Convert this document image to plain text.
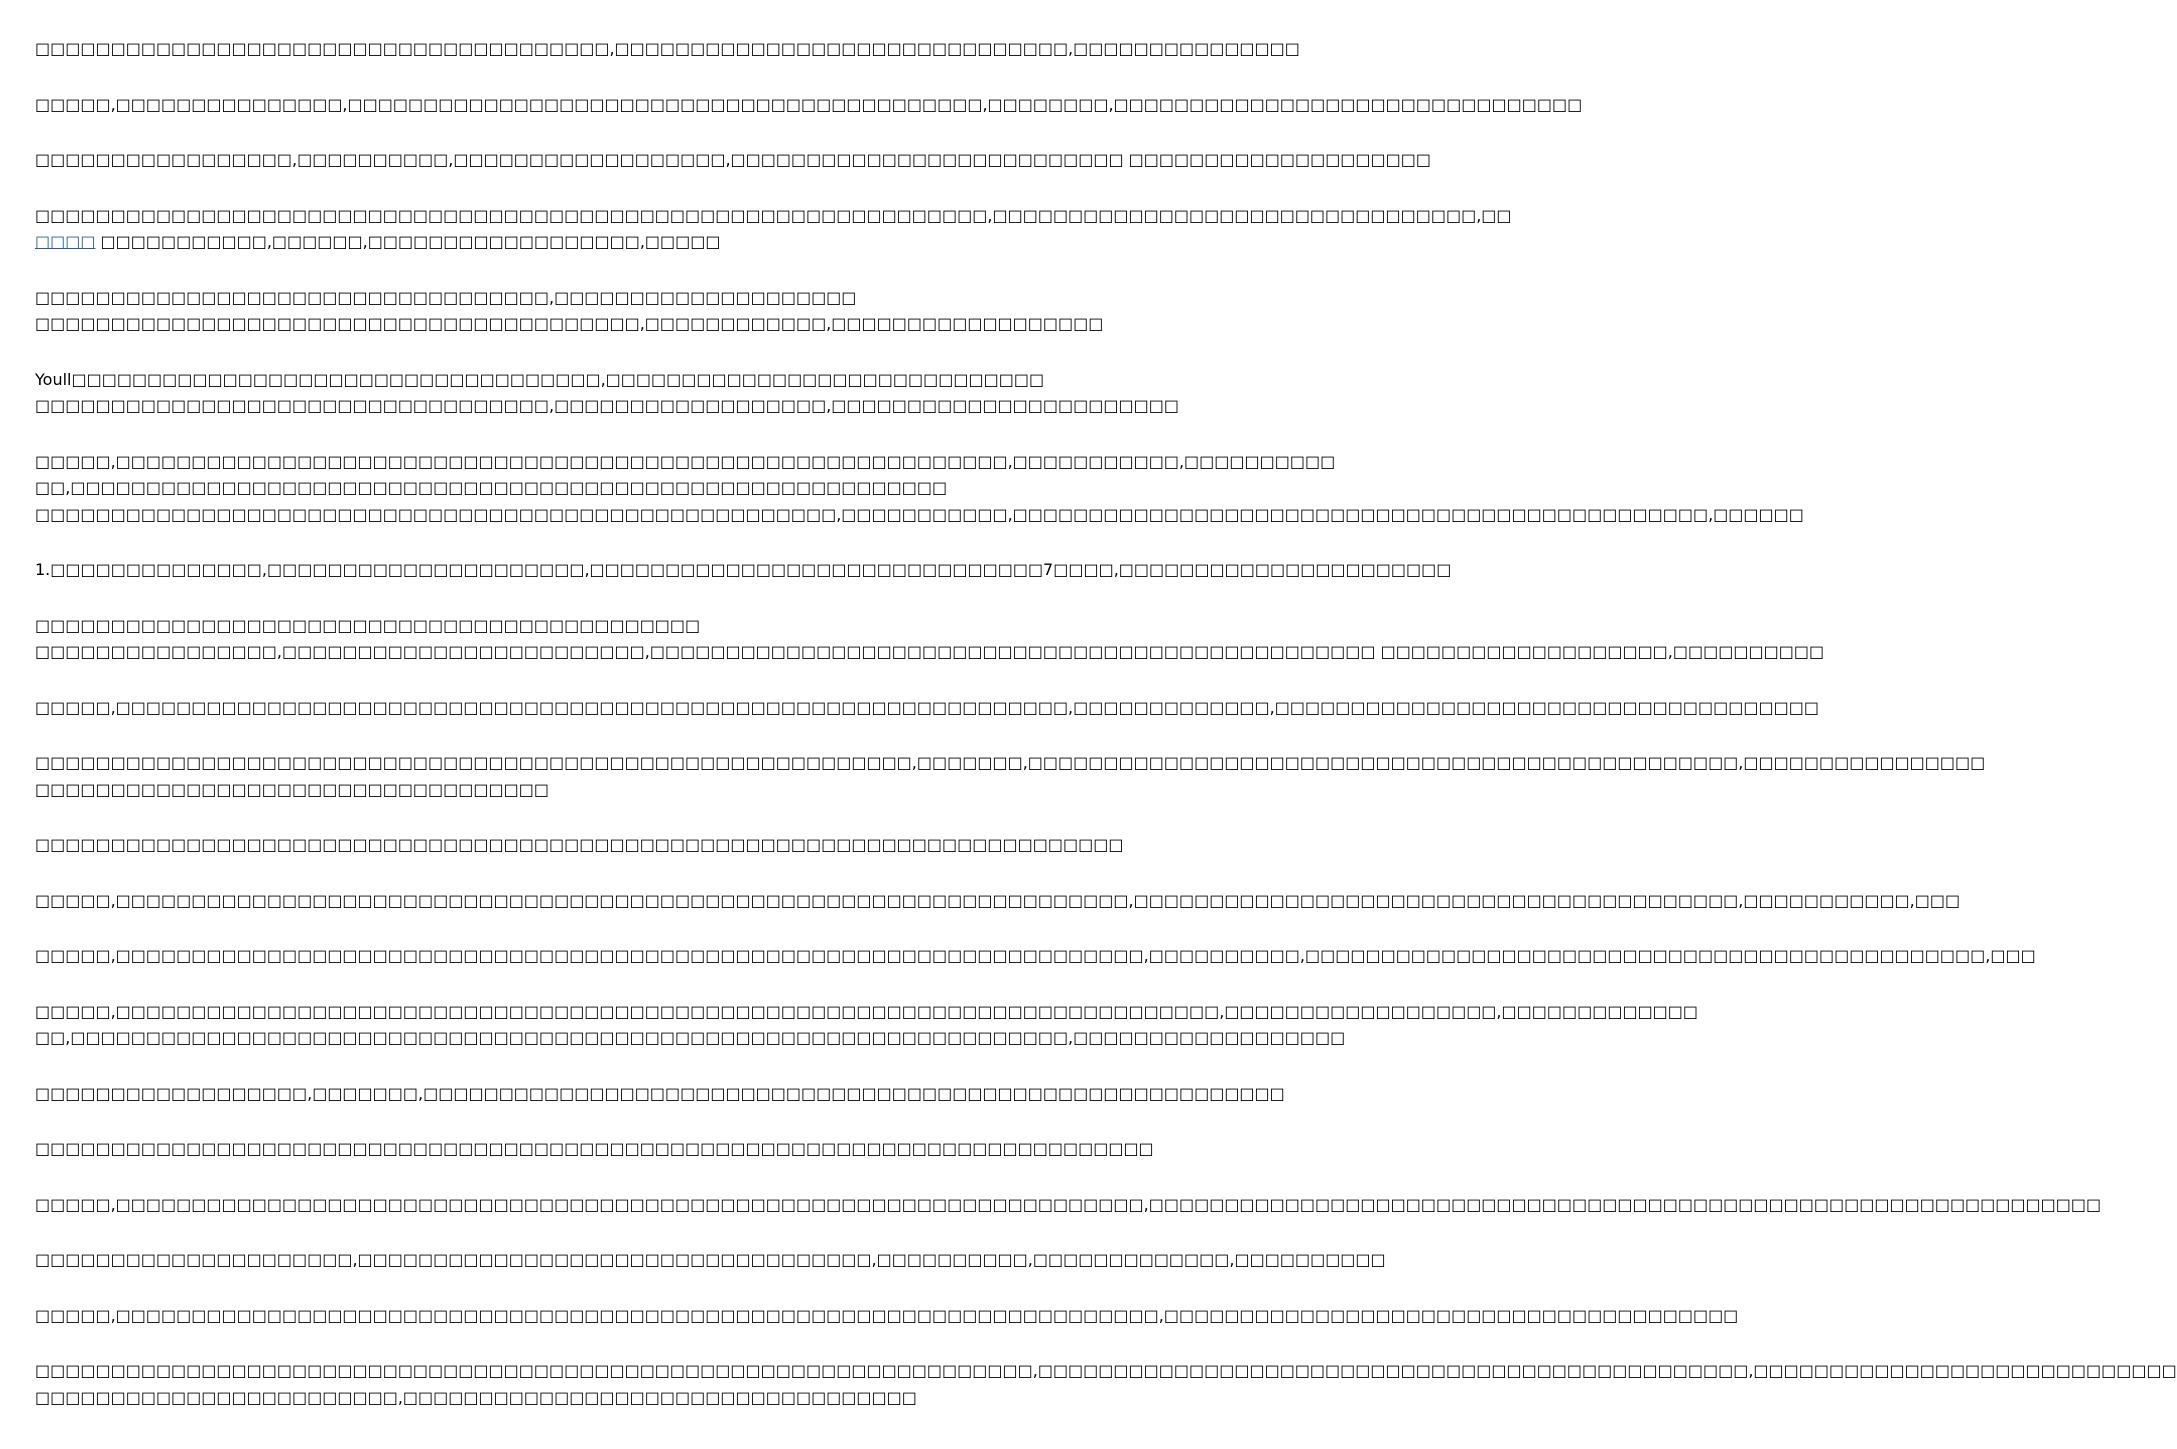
□□□□□□□□□□□□□□□□□□□□□□□□□□□□□□□□□□□□□□,□□□□□□□□□□□□□□□□□□□□□□□□□□□□□□,□□□□□□□□□□□□□□□
□□□□□,□□□□□□□□□□□□□□□,□□□□□□□□□□□□□□□□□□□□□□□□□□□□□□□□□□□□□□□□□□,□□□□□□□□,□□□□□□□□□□□□□□□□□□□□□□□□□□□□□□□
□□□□□□□□□□□□□□□□□,□□□□□□□□□□,□□□□□□□□□□□□□□□□□□,□□□□□□□□□□□□□□□□□□□□□□□□□□ □□□□□□□□□□□□□□□□□□□□
□□□□□□□□□□□□□□□□□□□□□□□□□□□□□□□□□□□□□□□□□□□□□□□□□□□□□□□□□□□□□□□,□□□□□□□□□□□□□□□□□□□□□□□□□□□□□□□□,□□
□□□□ □□□□□□□□□□□,□□□□□□,□□□□□□□□□□□□□□□□□□,□□□□□
□□□□□□□□□□□□□□□□□□□□□□□□□□□□□□□□□□,□□□□□□□□□□□□□□□□□□□□
□□□□□□□□□□□□□□□□□□□□□□□□□□□□□□□□□□□□□□□□,□□□□□□□□□□□□,□□□□□□□□□□□□□□□□□□
Youll□□□□□□□□□□□□□□□□□□□□□□□□□□□□□□□□□□□,□□□□□□□□□□□□□□□□□□□□□□□□□□□□□
□□□□□□□□□□□□□□□□□□□□□□□□□□□□□□□□□□,□□□□□□□□□□□□□□□□□□,□□□□□□□□□□□□□□□□□□□□□□□
□□□□□,□□□□□□□□□□□□□□□□□□□□□□□□□□□□□□□□□□□□□□□□□□□□□□□□□□□□□□□□□□□,□□□□□□□□□□□,□□□□□□□□□□
□□,□□□□□□□□□□□□□□□□□□□□□□□□□□□□□□□□□□□□□□□□□□□□□□□□□□□□□□□□□□
□□□□□□□□□□□□□□□□□□□□□□□□□□□□□□□□□□□□□□□□□□□□□□□□□□□□□,□□□□□□□□□□□,□□□□□□□□□□□□□□□□□□□□□□□□□□□□□□□□□□□□□□□□□□□□□□,□□□□□□
1.□□□□□□□□□□□□□□,□□□□□□□□□□□□□□□□□□□□□,□□□□□□□□□□□□□□□□□□□□□□□□□□□□□□7□□□□,□□□□□□□□□□□□□□□□□□□□□□
□□□□□□□□□□□□□□□□□□□□□□□□□□□□□□□□□□□□□□□□□□□□
□□□□□□□□□□□□□□□□,□□□□□□□□□□□□□□□□□□□□□□□□,□□□□□□□□□□□□□□□□□□□□□□□□□□□□□□□□□□□□□□□□□□□□□□□□ □□□□□□□□□□□□□□□□□□□,□□□□□□□□□□
□□□□□,□□□□□□□□□□□□□□□□□□□□□□□□□□□□□□□□□□□□□□□□□□□□□□□□□□□□□□□□□□□□□□□,□□□□□□□□□□□□□,□□□□□□□□□□□□□□□□□□□□□□□□□□□□□□□□□□□□
□□□□□□□□□□□□□□□□□□□□□□□□□□□□□□□□□□□□□□□□□□□□□□□□□□□□□□□□□□,□□□□□□□,□□□□□□□□□□□□□□□□□□□□□□□□□□□□□□□□□□□□□□□□□□□□□□□,□□□□□□□□□□□□□□□□
□□□□□□□□□□□□□□□□□□□□□□□□□□□□□□□□□□
□□□□□□□□□□□□□□□□□□□□□□□□□□□□□□□□□□□□□□□□□□□□□□□□□□□□□□□□□□□□□□□□□□□□□□□□
□□□□□,□□□□□□□□□□□□□□□□□□□□□□□□□□□□□□□□□□□□□□□□□□□□□□□□□□□□□□□□□□□□□□□□□□□,□□□□□□□□□□□□□□□□□□□□□□□□□□□□□□□□□□□□□□□□,□□□□□□□□□□□,□□□
□□□□□,□□□□□□□□□□□□□□□□□□□□□□□□□□□□□□□□□□□□□□□□□□□□□□□□□□□□□□□□□□□□□□□□□□□□,□□□□□□□□□□,□□□□□□□□□□□□□□□□□□□□□□□□□□□□□□□□□□□□□□□□□□□□□,□□□
□□□□□,□□□□□□□□□□□□□□□□□□□□□□□□□□□□□□□□□□□□□□□□□□□□□□□□□□□□□□□□□□□□□□□□□□□□□□□□□,□□□□□□□□□□□□□□□□□□,□□□□□□□□□□□□□
□□,□□□□□□□□□□□□□□□□□□□□□□□□□□□□□□□□□□□□□□□□□□□□□□□□□□□□□□□□□□□□□□□□□□,□□□□□□□□□□□□□□□□□□
□□□□□□□□□□□□□□□□□□,□□□□□□□,□□□□□□□□□□□□□□□□□□□□□□□□□□□□□□□□□□□□□□□□□□□□□□□□□□□□□□□□□
□□□□□□□□□□□□□□□□□□□□□□□□□□□□□□□□□□□□□□□□□□□□□□□□□□□□□□□□□□□□□□□□□□□□□□□□□□
□□□□□,□□□□□□□□□□□□□□□□□□□□□□□□□□□□□□□□□□□□□□□□□□□□□□□□□□□□□□□□□□□□□□□□□□□□,□□□□□□□□□□□□□□□□□□□□□□□□□□□□□□□□□□□□□□□□□□□□□□□□□□□□□□□□□□□□□□□
□□□□□□□□□□□□□□□□□□□□□,□□□□□□□□□□□□□□□□□□□□□□□□□□□□□□□□□□,□□□□□□□□□□,□□□□□□□□□□□□□,□□□□□□□□□□
□□□□□,□□□□□□□□□□□□□□□□□□□□□□□□□□□□□□□□□□□□□□□□□□□□□□□□□□□□□□□□□□□□□□□□□□□□□,□□□□□□□□□□□□□□□□□□□□□□□□□□□□□□□□□□□□□□
□□□□□□□□□□□□□□□□□□□□□□□□□□□□□□□□□□□□□□□□□□□□□□□□□□□□□□□□□□□□□□□□□□,□□□□□□□□□□□□□□□□□□□□□□□□□□□□□□□□□□□□□□□□□□□□□□□,□□□□□□□□□□□□□□□□□□□□□□□□□□□□
□□□□□□□□□□□□□□□□□□□□□□□□,□□□□□□□□□□□□□□□□□□□□□□□□□□□□□□□□□□
